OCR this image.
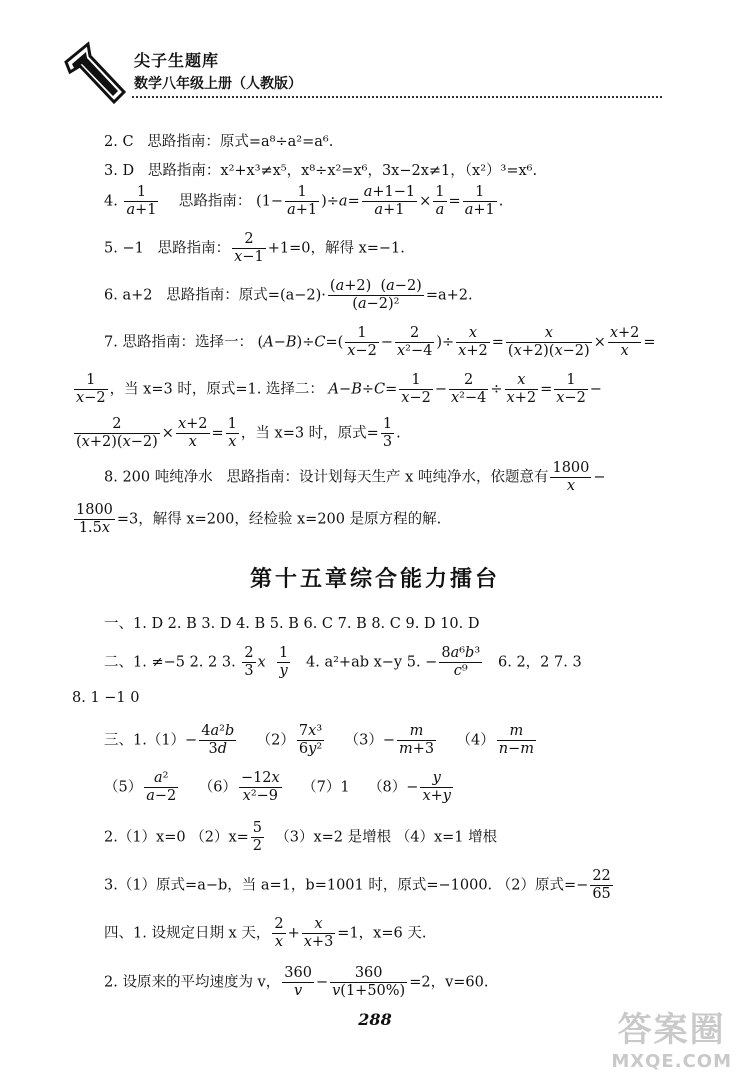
尖子生题库
数学八年级上册（人教版）
2. C 思路指南：原式=a⁸÷a²=a⁶.
3. D 思路指南：x²+x³≠x⁵，x⁸÷x²=x⁶，3x−2x≠1，（x²）³=x⁶.
4. $\frac{1}{a+1}$ 思路指南： $(1- \frac{1}{a+1} )\div a= \frac{a+1-1}{a+1} \times \frac{1}{a} = \frac{1}{a+1}$ .
5. −1 思路指南： $\frac{2}{x-1} +1=0$，解得 x=−1.
6. a+2 思路指南：原式$=(a-2)\cdot \frac{(a+2) (a-2)}{\text{(a−2)²}} =a+2$.
7. 思路指南：选择一： $(A-B)\div C=( \frac{1}{x-2} - \frac{2}{\text{x²−4}}$ )÷ $\frac{x}{x+2} = \frac{x}{(x+2)(x-2)} \times \frac{x+2}{x}$ =
$\frac{1}{x-2}$ ，当 x=3 时，原式=1. 选择二： $A-B\div C= \frac{1}{x-2} - \frac{2}{\text{x²−4}} \div \frac{x}{x+2} = \frac{1}{x-2}$ −
$\frac{2}{(x+2)(x-2)} \times \frac{x+2}{x} = \frac{1}{x}$ ，当 x=3 时，原式= $\frac{1}{3}$ .
8. 200 吨纯净水 思路指南：设计划每天生产 x 吨纯净水，依题意有 $\frac{1800}{x}$ −
$\frac{1800}{1.5x} =3$，解得 x=200，经检验 x=200 是原方程的解.
第十五章综合能力擂台
一、1. D 2. B 3. D 4. B 5. B 6. C 7. B 8. C 9. D 10. D
二、1. ≠−5 2. 2 3. $\frac{2}{3}$ x $\frac{1}{y} 4$. a²+ab x−y 5. − $\frac{\text{8a⁶b³}}{\text{c⁹}} 6$. 2，2 7. 3
8. 1 −1 0
三、$1.(1)- \frac{\text{4a²b}}{3d} (2) \frac{\text{7x³}}{\text{6y²}} (3)- \frac{m}{m+3} (4) \frac{m}{n-m}$
$(5) \frac{\text{a²}}{a-2} (6) \frac{-12x}{\text{x²−9}} (7)1$ $(8)- \frac{y}{x+y}$
2.（1）x=0 $(2)x= \frac{5}{2} (3)x=2$ 是增根 （4）x=1 增根
3.（1）原式=a−b，当 a=1，b=1001 时，原式=−1000. （2）原式=− $\frac{22}{65}$
四、1. 设规定日期 x 天， $\frac{2}{x} + \frac{x}{x+3} =1$，x=6 天.
2. 设原来的平均速度为 v， $\frac{360}{v} - \frac{360}{v(1+50\%)} =2$，v=60.
288	答案圈
MXQE.COM
